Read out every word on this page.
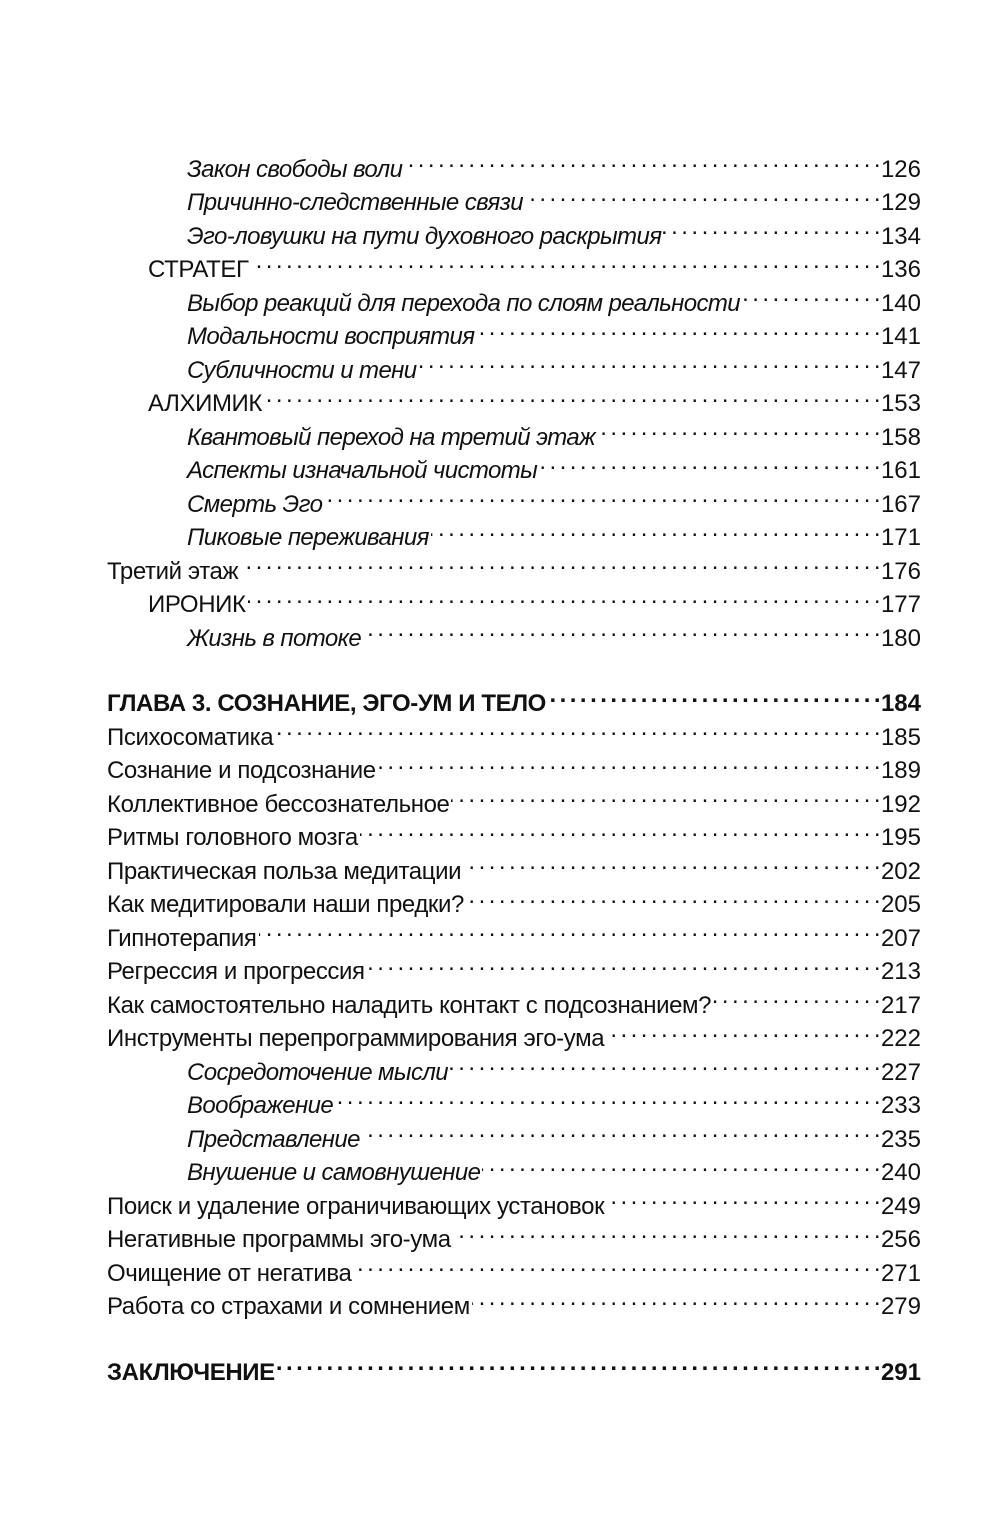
Закон свободы воли . . .	126
Причинно-следственные связи . . .	129
Эго-ловушки на пути духовного раскрытия . . .	134
СТРАТЕГ . . .	136
Выбор реакций для перехода по слоям реальности . . .	140
Модальности восприятия . . .	141
Субличности и тени . . .	147
АЛХИМИК . . .	153
Квантовый переход на третий этаж . . .	158
Аспекты изначальной чистоты . . .	161
Смерть Эго . . .	167
Пиковые переживания . . .	171
Третий этаж . . .	176
ИРОНИК . . .	177
Жизнь в потоке . . .	180
ГЛАВА 3. СОЗНАНИЕ, ЭГО-УМ И ТЕЛО . . .	184
Психосоматика . . .	185
Сознание и подсознание . . .	189
Коллективное бессознательное . . .	192
Ритмы головного мозга . . .	195
Практическая польза медитации . . .	202
Как медитировали наши предки? . . .	205
Гипнотерапия . . .	207
Регрессия и прогрессия . . .	213
Как самостоятельно наладить контакт с подсознанием? . . .	217
Инструменты перепрограммирования эго-ума . . .	222
Сосредоточение мысли . . .	227
Воображение . . .	233
Представление . . .	235
Внушение и самовнушение . . .	240
Поиск и удаление ограничивающих установок . . .	249
Негативные программы эго-ума . . .	256
Очищение от негатива . . .	271
Работа со страхами и сомнением . . .	279
ЗАКЛЮЧЕНИЕ . . .	291
